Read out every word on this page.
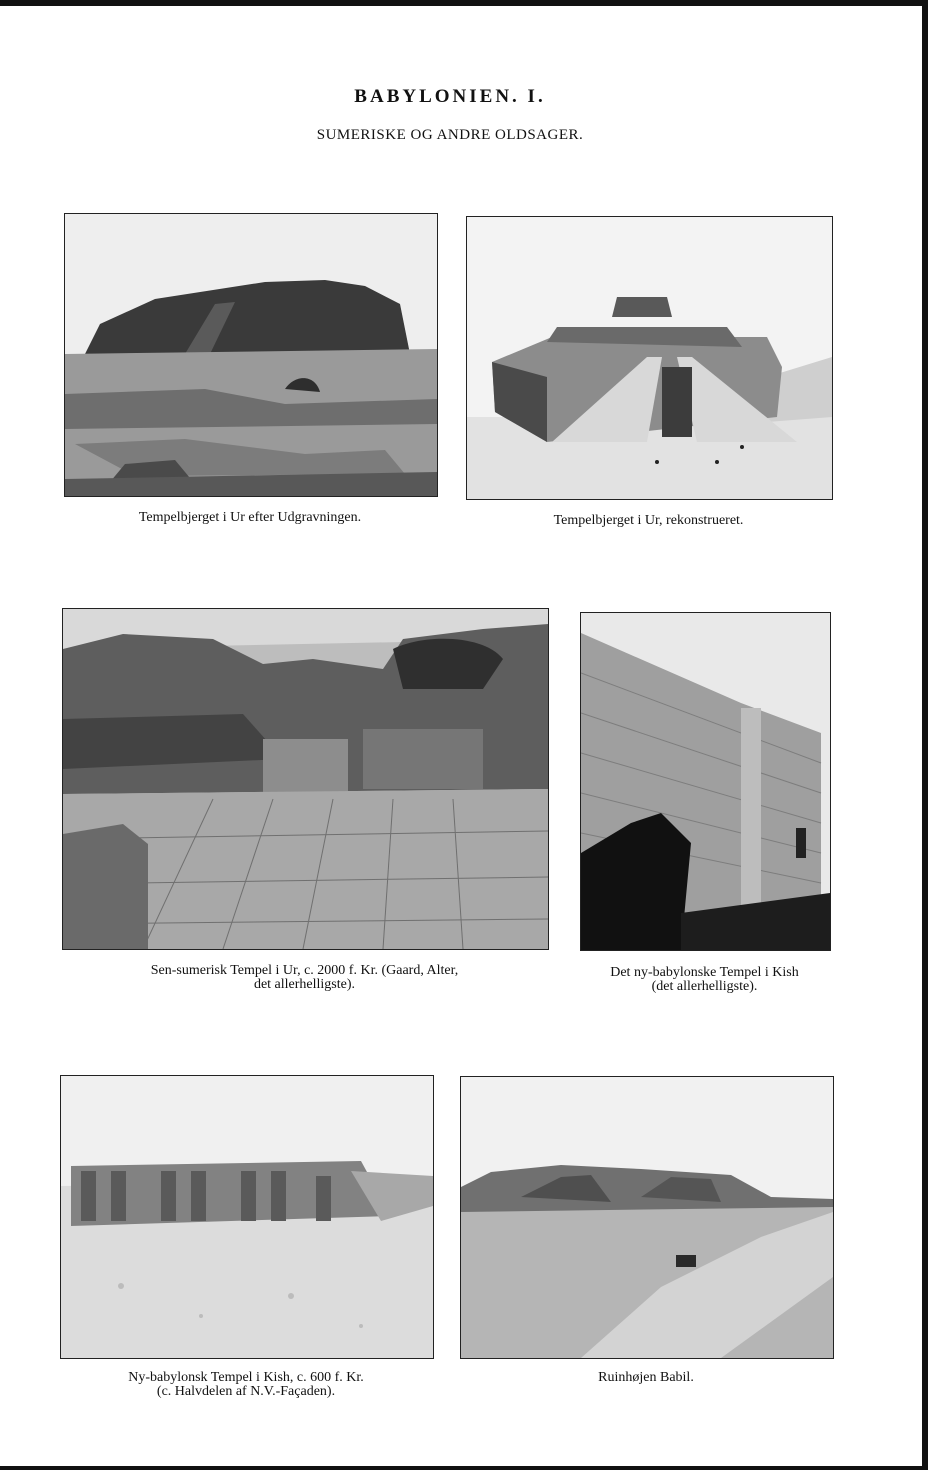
BABYLONIEN. I.
SUMERISKE OG ANDRE OLDSAGER.
Tempelbjerget i Ur efter Udgravningen.	Tempelbjerget i Ur, rekonstrueret.
Sen-sumerisk Tempel i Ur, c. 2000 f. Kr. (Gaard, Alter,
det allerhelligste).
Det ny-babylonske Tempel i Kish
(det allerhelligste).
Ny-babylonsk Tempel i Kish, c. 600 f. Kr.
(c. Halvdelen af N.V.-Façaden).
Ruinhøjen Babil.
